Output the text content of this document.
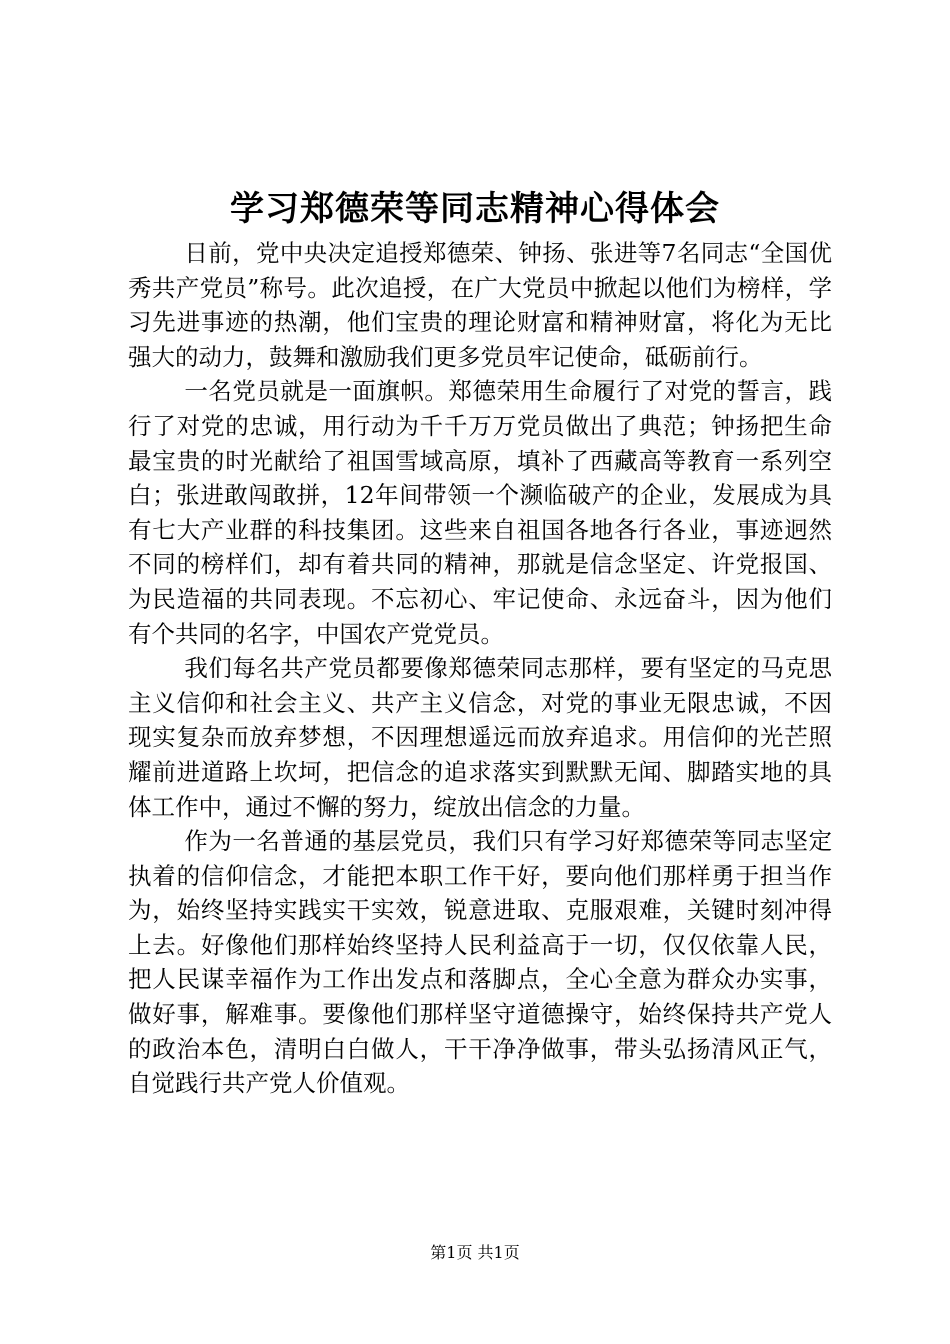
学习郑德荣等同志精神心得体会

日前，党中央决定追授郑德荣、钟扬、张进等7名同志“全国优秀共产党员”称号。此次追授，在广大党员中掀起以他们为榜样，学习先进事迹的热潮，他们宝贵的理论财富和精神财富，将化为无比强大的动力，鼓舞和激励我们更多党员牢记使命，砥砺前行。

一名党员就是一面旗帜。郑德荣用生命履行了对党的誓言，践行了对党的忠诚，用行动为千千万万党员做出了典范；钟扬把生命最宝贵的时光献给了祖国雪域高原，填补了西藏高等教育一系列空白；张进敢闯敢拼，12年间带领一个濒临破产的企业，发展成为具有七大产业群的科技集团。这些来自祖国各地各行各业，事迹迥然不同的榜样们，却有着共同的精神，那就是信念坚定、许党报国、为民造福的共同表现。不忘初心、牢记使命、永远奋斗，因为他们有个共同的名字，中国农产党党员。

我们每名共产党员都要像郑德荣同志那样，要有坚定的马克思主义信仰和社会主义、共产主义信念，对党的事业无限忠诚，不因现实复杂而放弃梦想，不因理想遥远而放弃追求。用信仰的光芒照耀前进道路上坎坷，把信念的追求落实到默默无闻、脚踏实地的具体工作中，通过不懈的努力，绽放出信念的力量。

作为一名普通的基层党员，我们只有学习好郑德荣等同志坚定执着的信仰信念，才能把本职工作干好，要向他们那样勇于担当作为，始终坚持实践实干实效，锐意进取、克服艰难，关键时刻冲得上去。好像他们那样始终坚持人民利益高于一切，仅仅依靠人民，把人民谋幸福作为工作出发点和落脚点，全心全意为群众办实事，做好事，解难事。要像他们那样坚守道德操守，始终保持共产党人的政治本色，清明白白做人，干干净净做事，带头弘扬清风正气，自觉践行共产党人价值观。

第1页 共1页
